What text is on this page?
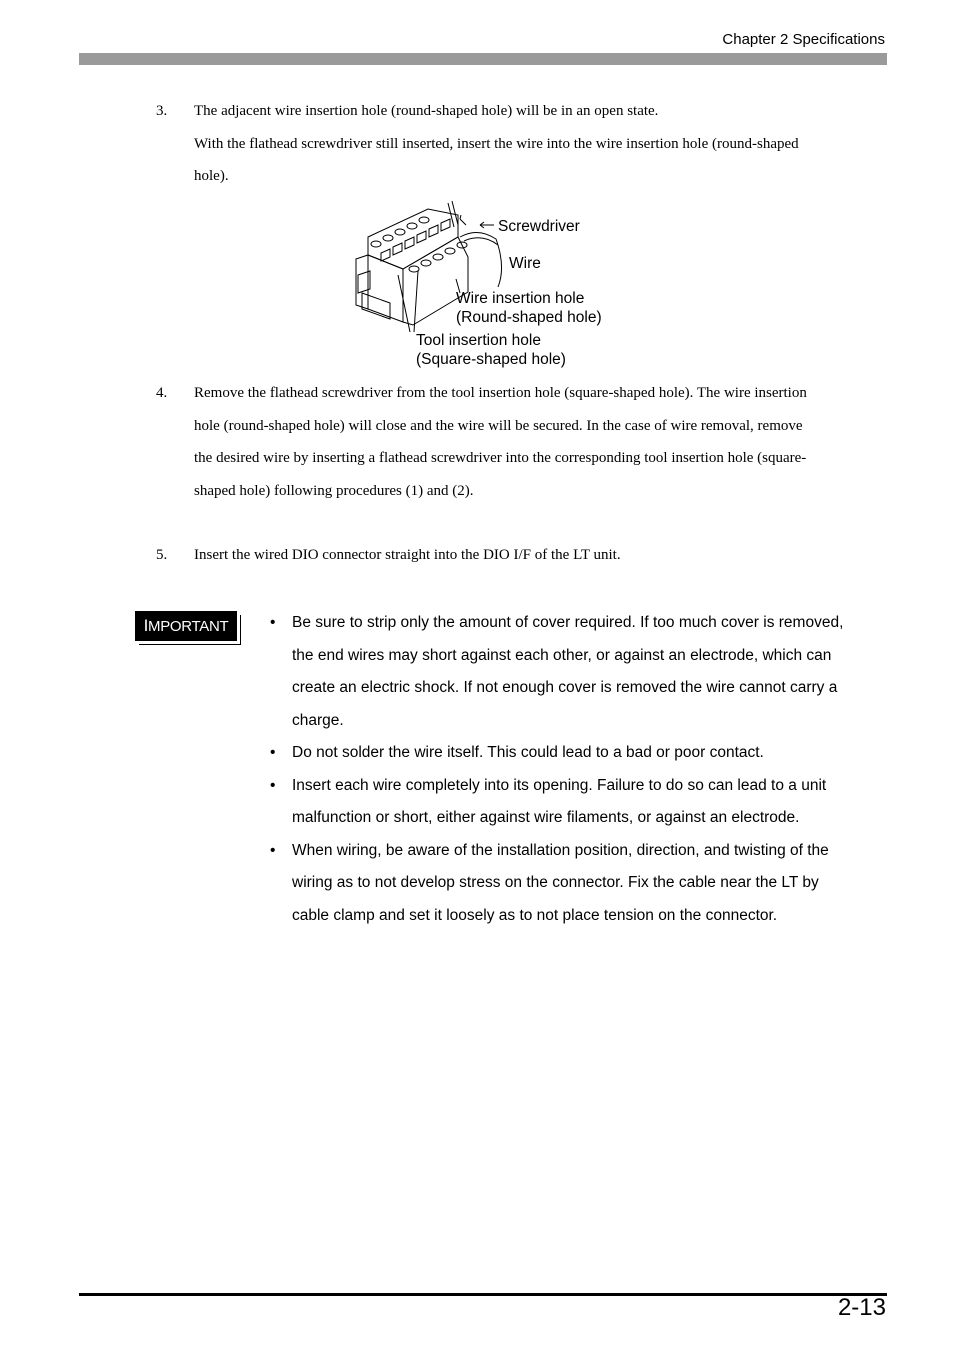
Chapter 2 Specifications
3. The adjacent wire insertion hole (round-shaped hole) will be in an open state.
With the flathead screwdriver still inserted, insert the wire into the wire insertion hole (round-shaped
hole).
Screwdriver
Wire
Wire insertion hole
(Round-shaped hole)
Tool insertion hole
(Square-shaped hole)
4. Remove the flathead screwdriver from the tool insertion hole (square-shaped hole). The wire insertion
hole (round-shaped hole) will close and the wire will be secured. In the case of wire removal, remove
the desired wire by inserting a flathead screwdriver into the corresponding tool insertion hole (square-
shaped hole) following procedures (1) and (2).
5. Insert the wired DIO connector straight into the DIO I/F of the LT unit.
IMPORTANT	• Be sure to strip only the amount of cover required. If too much cover is removed,
the end wires may short against each other, or against an electrode, which can
create an electric shock. If not enough cover is removed the wire cannot carry a
charge.
• Do not solder the wire itself. This could lead to a bad or poor contact.
• Insert each wire completely into its opening. Failure to do so can lead to a unit
malfunction or short, either against wire filaments, or against an electrode.
• When wiring, be aware of the installation position, direction, and twisting of the
wiring as to not develop stress on the connector. Fix the cable near the LT by
cable clamp and set it loosely as to not place tension on the connector.
2-13
